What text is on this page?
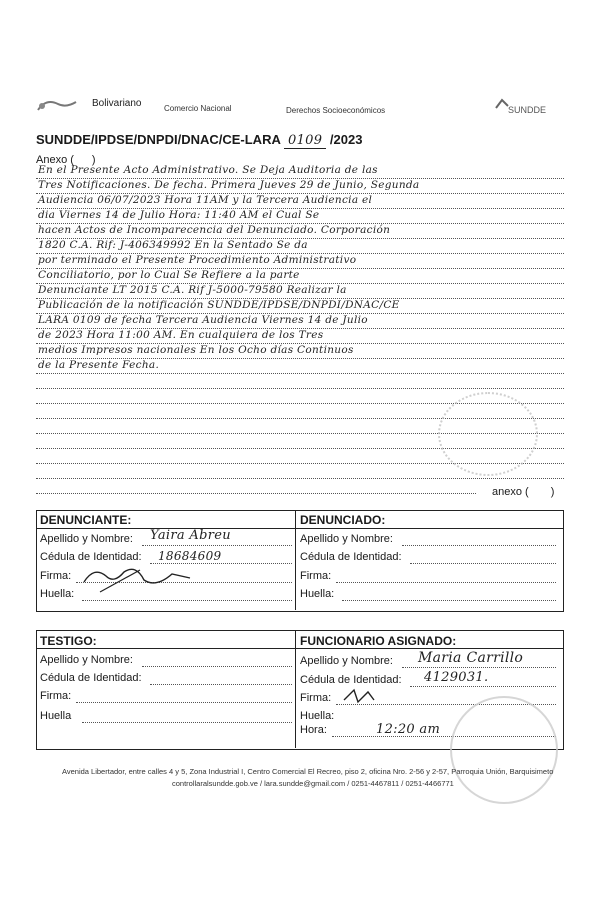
Bolivariano	Comercio Nacional	Derechos Socioeconómicos	SUNDDE
SUNDDE/IPDSE/DNPDI/DNAC/CE-LARA 0109 /2023
Anexo ( )
En el Presente Acto Administrativo. Se Deja Auditoria de las
Tres Notificaciones. De fecha. Primera Jueves 29 de Junio, Segunda
Audiencia 06/07/2023 Hora 11AM y la Tercera Audiencia el
dia Viernes 14 de Julio Hora: 11:40 AM el Cual Se
hacen Actos de Incomparecencia del Denunciado. Corporación
1820 C.A. Rif: J-406349992 En la Sentado Se da
por terminado el Presente Procedimiento Administrativo
Conciliatorio, por lo Cual Se Refiere a la parte
Denunciante LT 2015 C.A. Rif J-5000-79580 Realizar la
Publicación de la notificación SUNDDE/IPDSE/DNPDI/DNAC/CE
LARA 0109 de fecha Tercera Audiencia Viernes 14 de Julio
de 2023 Hora 11:00 AM. En cualquiera de los Tres
medios Impresos nacionales En los Ocho días Continuos
de la Presente Fecha.
anexo ( )
DENUNCIANTE:
Apellido y Nombre: Yaira Abreu
Cédula de Identidad: 18684609
Firma:
Huella:
DENUNCIADO:
Apellido y Nombre:
Cédula de Identidad:
Firma:
Huella:
TESTIGO:
Apellido y Nombre:
Cédula de Identidad:
Firma:
Huella
FUNCIONARIO ASIGNADO:
Apellido y Nombre: Maria Carrillo
Cédula de Identidad: 4129031.
Firma:
Huella:
Hora:	12:20 am
Avenida Libertador, entre calles 4 y 5, Zona Industrial I, Centro Comercial El Recreo, piso 2, oficina Nro. 2-56 y 2-57, Parroquia Unión, Barquisimeto
controllaralsundde.gob.ve / lara.sundde@gmail.com / 0251-4467811 / 0251-4466771
